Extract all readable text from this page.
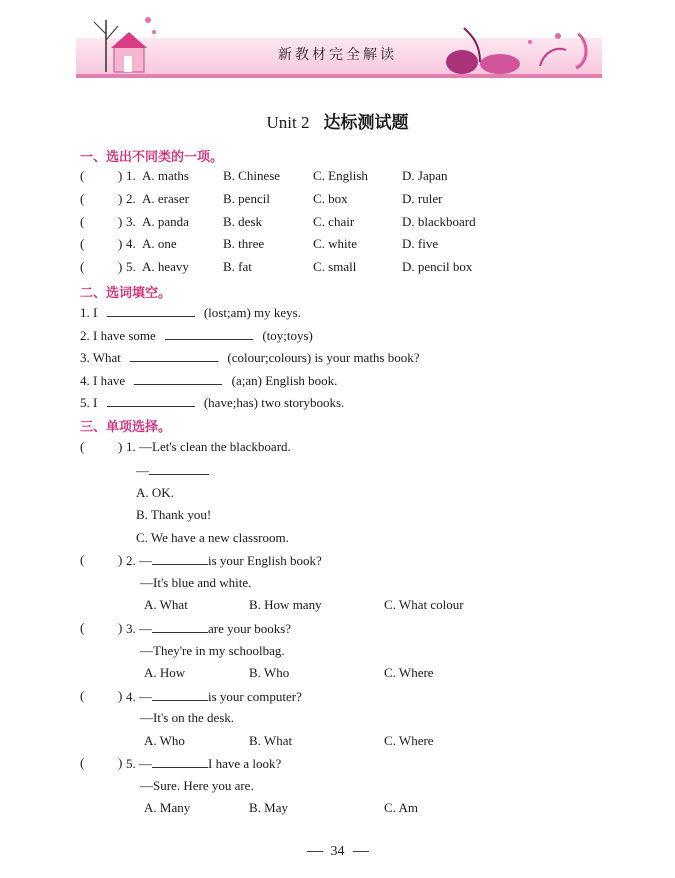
新教材完全解读
Unit 2 达标测试题
一、选出不同类的一项。
(	) 1. A. maths	B. Chinese	C. English	D. Japan
(	) 2. A. eraser	B. pencil	C. box	D. ruler
(	) 3. A. panda	B. desk	C. chair	D. blackboard
(	) 4. A. one	B. three	C. white	D. five
(	) 5. A. heavy	B. fat	C. small	D. pencil box
二、选词填空。
1. I	(lost;am) my keys.
2. I have some	(toy;toys)
3. What	(colour;colours) is your maths book?
4. I have	(a;an) English book.
5. I	(have;has) two storybooks.
三、单项选择。
(	) 1. —Let's clean the blackboard.
—
A. OK.
B. Thank you!
C. We have a new classroom.
(	) 2. —	is your English book?
—It's blue and white.
A. What	B. How many	C. What colour
(	) 3. —	are your books?
—They're in my schoolbag.
A. How	B. Who	C. Where
(	) 4. —	is your computer?
—It's on the desk.
A. Who	B. What	C. Where
(	) 5. —	I have a look?
—Sure. Here you are.
A. Many	B. May	C. Am
34
